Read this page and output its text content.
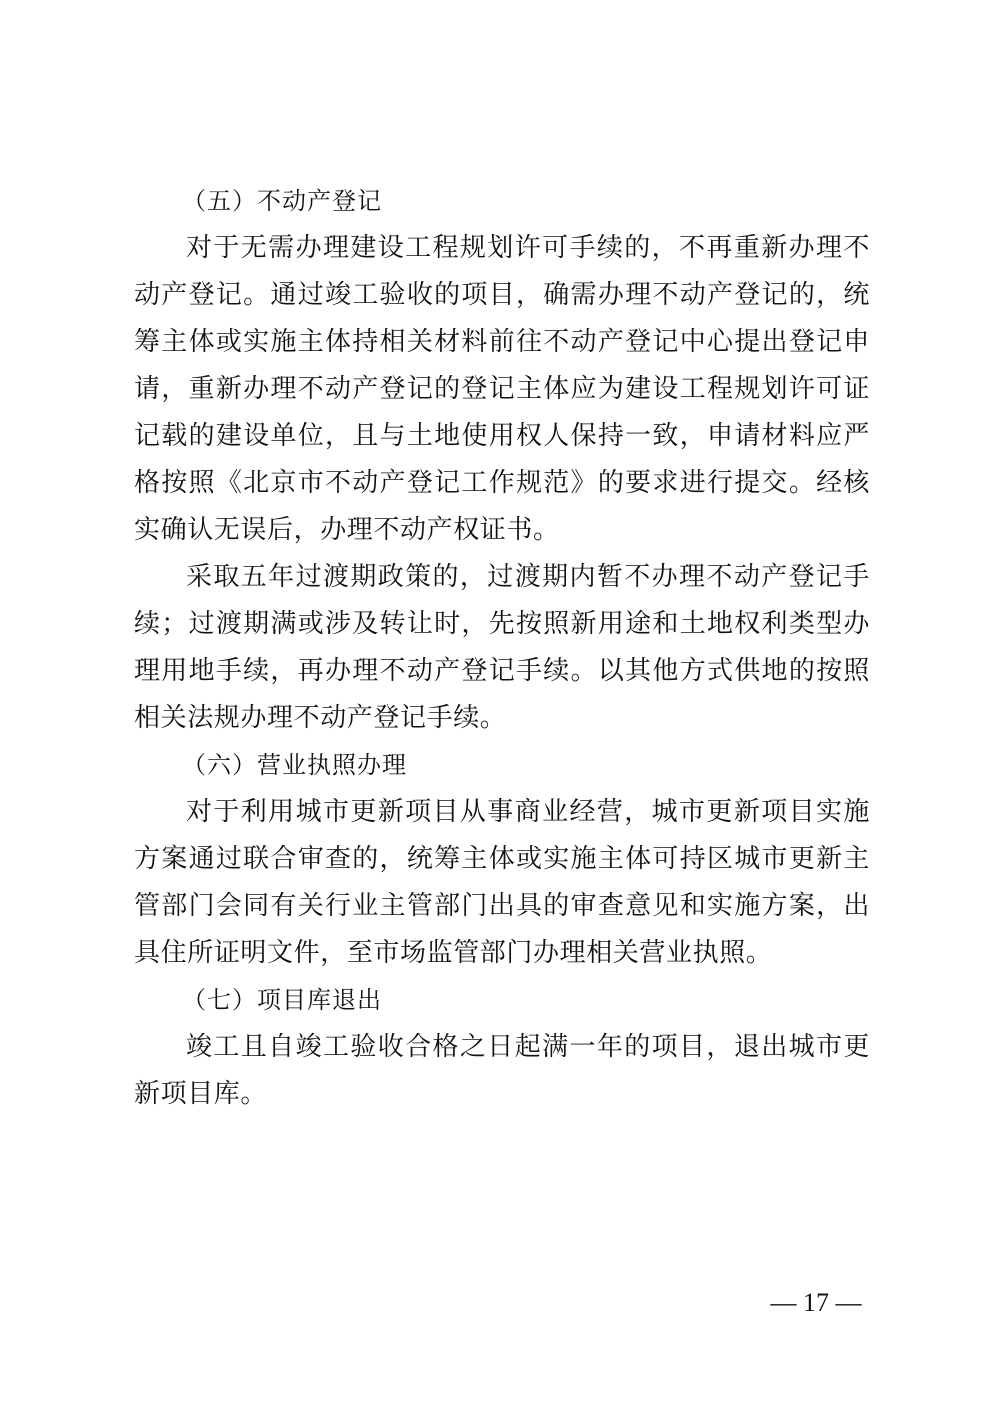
（五）不动产登记

对于无需办理建设工程规划许可手续的，不再重新办理不动产登记。通过竣工验收的项目，确需办理不动产登记的，统筹主体或实施主体持相关材料前往不动产登记中心提出登记申请，重新办理不动产登记的登记主体应为建设工程规划许可证记载的建设单位，且与土地使用权人保持一致，申请材料应严格按照《北京市不动产登记工作规范》的要求进行提交。经核实确认无误后，办理不动产权证书。

采取五年过渡期政策的，过渡期内暂不办理不动产登记手续；过渡期满或涉及转让时，先按照新用途和土地权利类型办理用地手续，再办理不动产登记手续。以其他方式供地的按照相关法规办理不动产登记手续。

（六）营业执照办理

对于利用城市更新项目从事商业经营，城市更新项目实施方案通过联合审查的，统筹主体或实施主体可持区城市更新主管部门会同有关行业主管部门出具的审查意见和实施方案，出具住所证明文件，至市场监管部门办理相关营业执照。

（七）项目库退出

竣工且自竣工验收合格之日起满一年的项目，退出城市更新项目库。

— 17 —
